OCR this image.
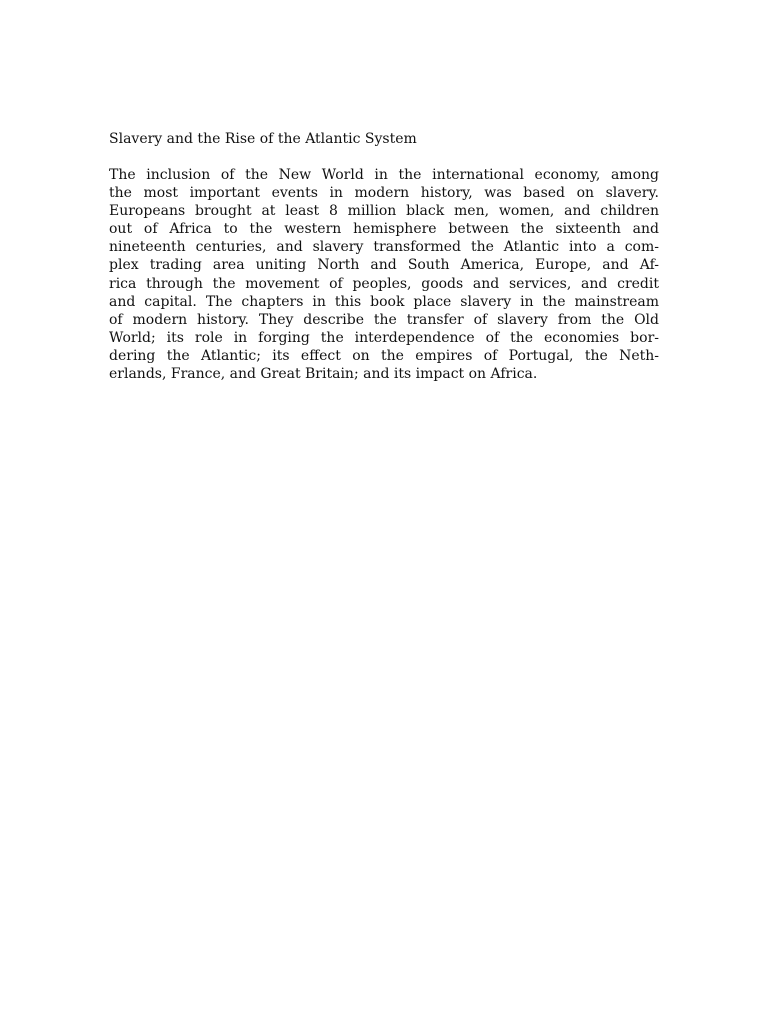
Slavery and the Rise of the Atlantic System
The inclusion of the New World in the international economy, among
the most important events in modern history, was based on slavery.
Europeans brought at least 8 million black men, women, and children
out of Africa to the western hemisphere between the sixteenth and
nineteenth centuries, and slavery transformed the Atlantic into a com-
plex trading area uniting North and South America, Europe, and Af-
rica through the movement of peoples, goods and services, and credit
and capital. The chapters in this book place slavery in the mainstream
of modern history. They describe the transfer of slavery from the Old
World; its role in forging the interdependence of the economies bor-
dering the Atlantic; its effect on the empires of Portugal, the Neth-
erlands, France, and Great Britain; and its impact on Africa.
